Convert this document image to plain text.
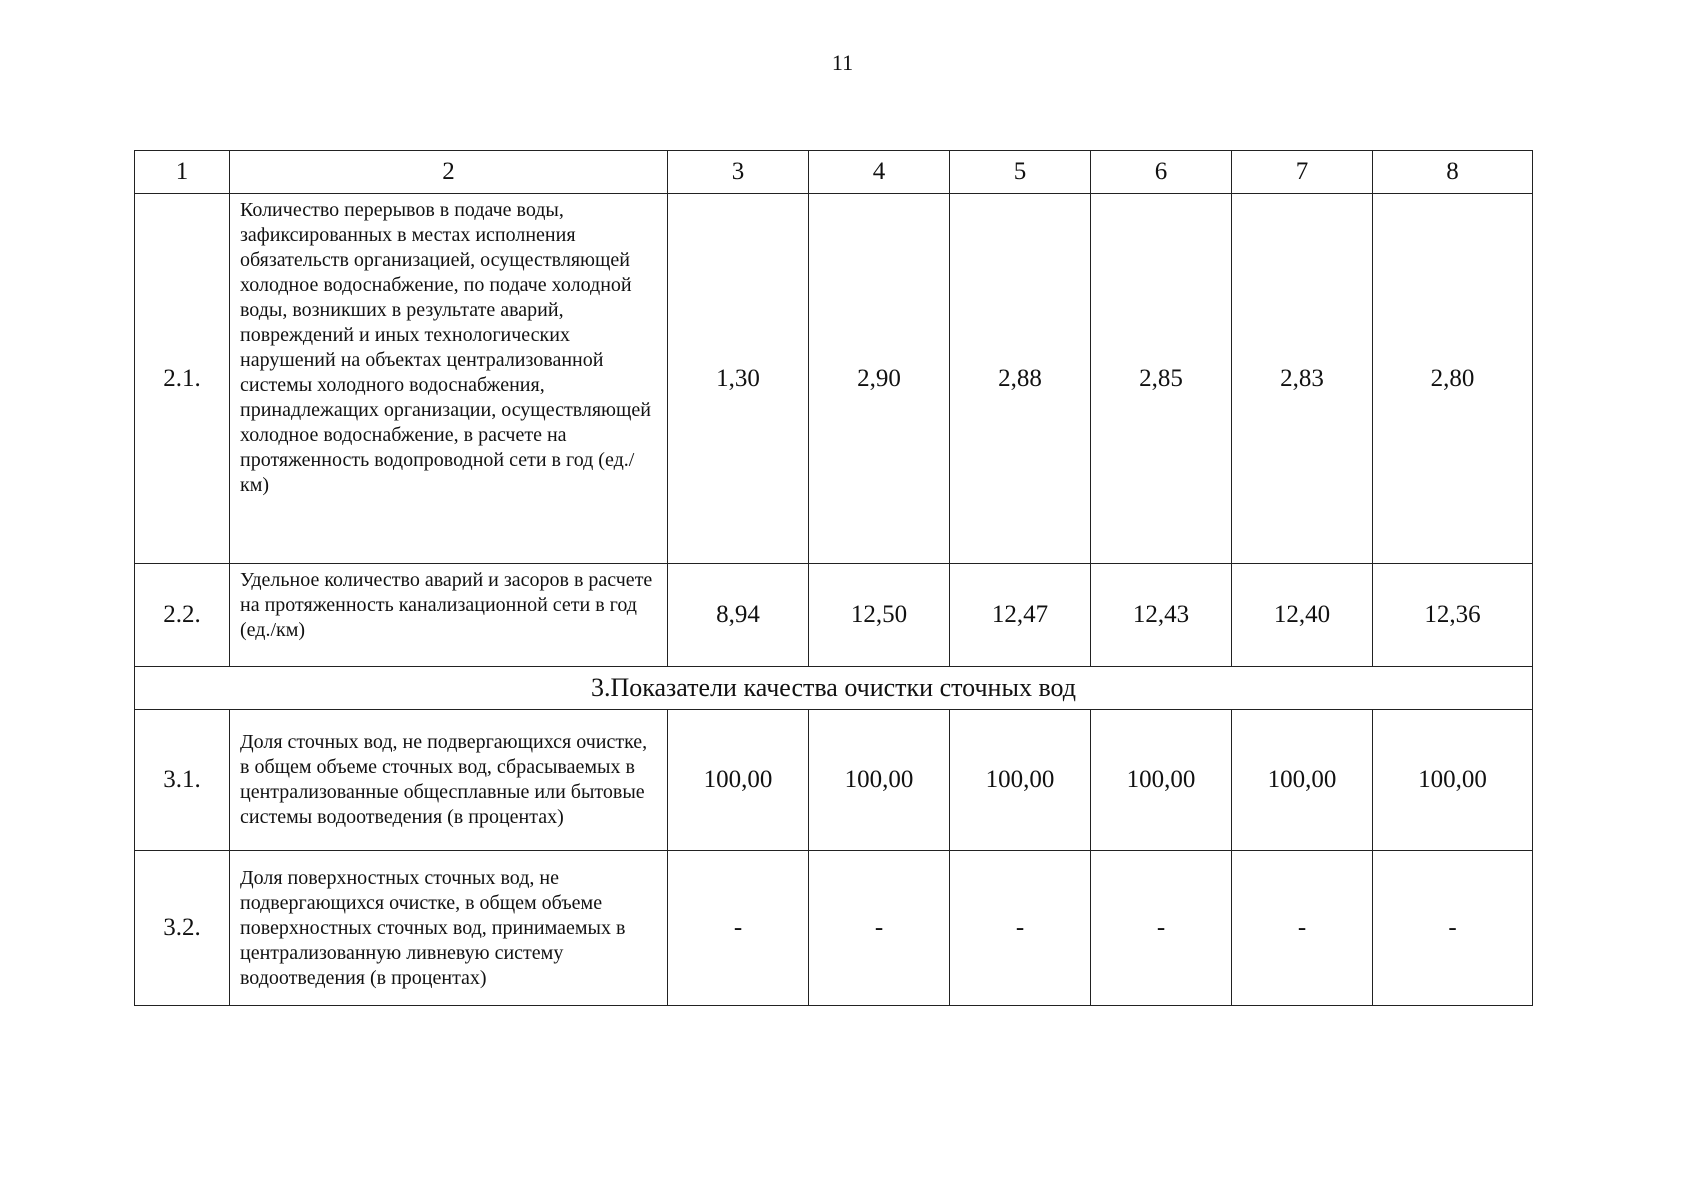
11
1	2	3	4	5	6	7	8
2.1.	Количество перерывов в подаче воды, зафиксированных в местах исполнения обязательств организацией, осуществляющей холодное водоснабжение, по подаче холодной воды, возникших в результате аварий, повреждений и иных технологических нарушений на объектах централизованной системы холодного водоснабжения, принадлежащих организации, осуществляющей холодное водоснабжение, в расчете на протяженность водопроводной сети в год (ед./км)	1,30	2,90	2,88	2,85	2,83	2,80
2.2.	Удельное количество аварий и засоров в расчете на протяженность канализационной сети в год (ед./км)	8,94	12,50	12,47	12,43	12,40	12,36
3.Показатели качества очистки сточных вод							
3.1.	Доля сточных вод, не подвергающихся очистке, в общем объеме сточных вод, сбрасываемых в централизованные общесплавные или бытовые системы водоотведения (в процентах)	100,00	100,00	100,00	100,00	100,00	100,00
3.2.	Доля поверхностных сточных вод, не подвергающихся очистке, в общем объеме поверхностных сточных вод, принимаемых в централизованную ливневую систему водоотведения (в процентах)	-	-	-	-	-	-
